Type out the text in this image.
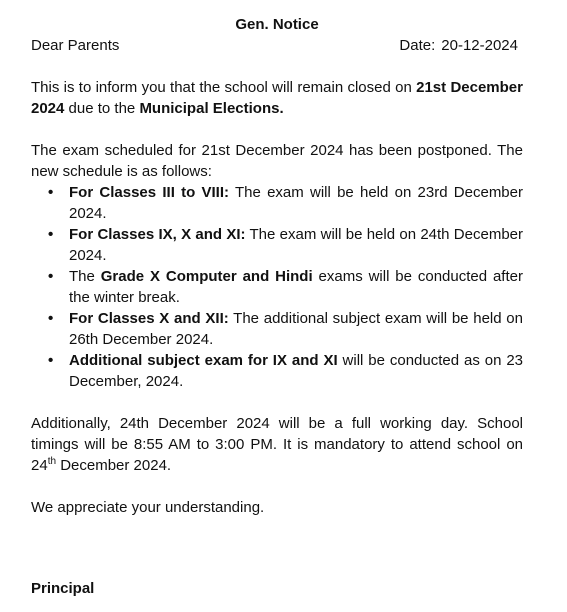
Gen. Notice

Dear Parents	Date: 20-12-2024

This is to inform you that the school will remain closed on 21st December 2024 due to the Municipal Elections.

The exam scheduled for 21st December 2024 has been postponed. The new schedule is as follows:

• For Classes III to VIII: The exam will be held on 23rd December 2024.
• For Classes IX, X and XI: The exam will be held on 24th December 2024.
• The Grade X Computer and Hindi exams will be conducted after the winter break.
• For Classes X and XII: The additional subject exam will be held on 26th December 2024.
• Additional subject exam for IX and XI will be conducted as on 23 December, 2024.

Additionally, 24th December 2024 will be a full working day. School timings will be 8:55 AM to 3:00 PM. It is mandatory to attend school on 24th December 2024.

We appreciate your understanding.

Principal
